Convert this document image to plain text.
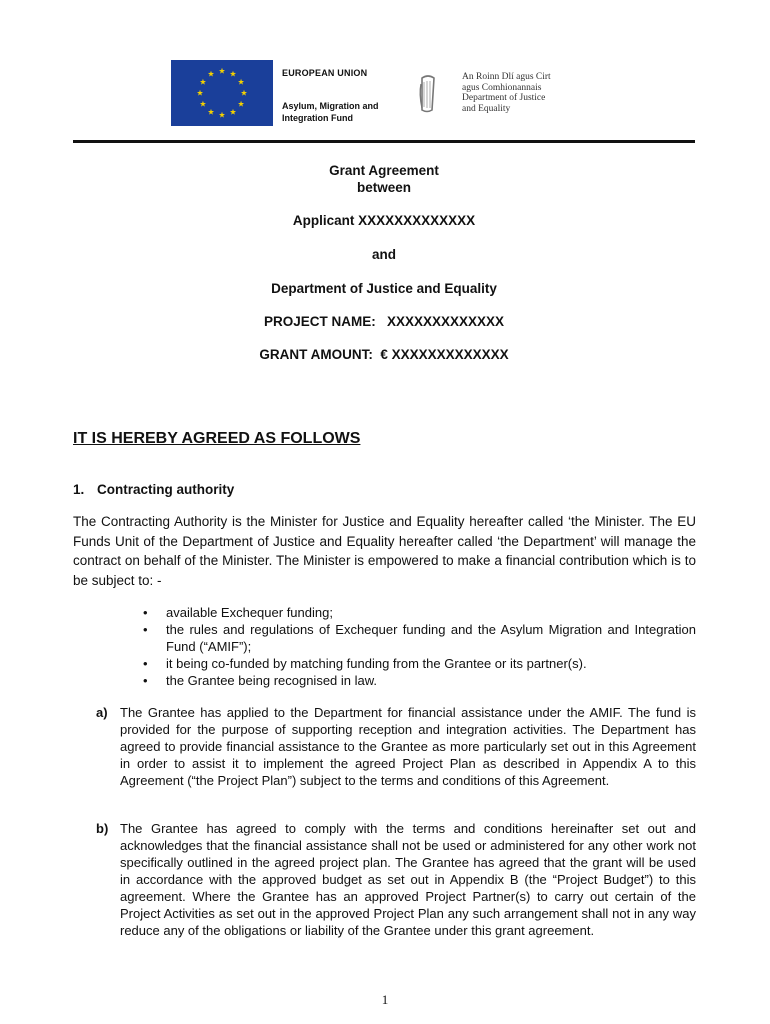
EUROPEAN UNION
Asylum, Migration and Integration Fund
An Roinn Dlí agus Cirt
agus Comhionannais
Department of Justice
and Equality
Grant Agreement
between
Applicant XXXXXXXXXXXXX
and
Department of Justice and Equality
PROJECT NAME:   XXXXXXXXXXXXX
GRANT AMOUNT:  € XXXXXXXXXXXXX
IT IS HEREBY AGREED AS FOLLOWS
1. Contracting authority
The Contracting Authority is the Minister for Justice and Equality hereafter called ‘the Minister. The EU Funds Unit of the Department of Justice and Equality hereafter called ‘the Department’ will manage the contract on behalf of the Minister. The Minister is empowered to make a financial contribution which is to be subject to: -
• available Exchequer funding;
• the rules and regulations of Exchequer funding and the Asylum Migration and Integration Fund (“AMIF”);
• it being co-funded by matching funding from the Grantee or its partner(s).
• the Grantee being recognised in law.
a) The Grantee has applied to the Department for financial assistance under the AMIF. The fund is provided for the purpose of supporting reception and integration activities. The Department has agreed to provide financial assistance to the Grantee as more particularly set out in this Agreement in order to assist it to implement the agreed Project Plan as described in Appendix A to this Agreement (“the Project Plan”) subject to the terms and conditions of this Agreement.
b) The Grantee has agreed to comply with the terms and conditions hereinafter set out and acknowledges that the financial assistance shall not be used or administered for any other work not specifically outlined in the agreed project plan. The Grantee has agreed that the grant will be used in accordance with the approved budget as set out in Appendix B (the “Project Budget”) to this agreement. Where the Grantee has an approved Project Partner(s) to carry out certain of the Project Activities as set out in the approved Project Plan any such arrangement shall not in any way reduce any of the obligations or liability of the Grantee under this grant agreement.
1
